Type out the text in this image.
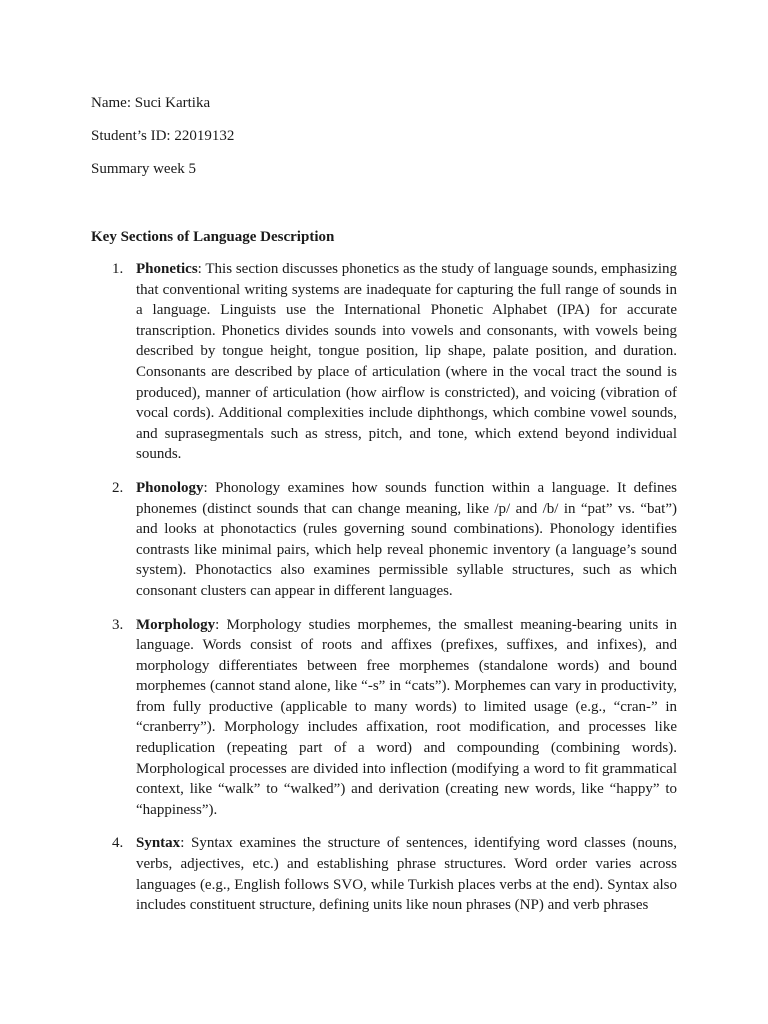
Name: Suci Kartika

Student’s ID: 22019132

Summary week 5

Key Sections of Language Description

1. Phonetics: This section discusses phonetics as the study of language sounds, emphasizing that conventional writing systems are inadequate for capturing the full range of sounds in a language. Linguists use the International Phonetic Alphabet (IPA) for accurate transcription. Phonetics divides sounds into vowels and consonants, with vowels being described by tongue height, tongue position, lip shape, palate position, and duration. Consonants are described by place of articulation (where in the vocal tract the sound is produced), manner of articulation (how airflow is constricted), and voicing (vibration of vocal cords). Additional complexities include diphthongs, which combine vowel sounds, and suprasegmentals such as stress, pitch, and tone, which extend beyond individual sounds.
2. Phonology: Phonology examines how sounds function within a language. It defines phonemes (distinct sounds that can change meaning, like /p/ and /b/ in “pat” vs. “bat”) and looks at phonotactics (rules governing sound combinations). Phonology identifies contrasts like minimal pairs, which help reveal phonemic inventory (a language’s sound system). Phonotactics also examines permissible syllable structures, such as which consonant clusters can appear in different languages.
3. Morphology: Morphology studies morphemes, the smallest meaning-bearing units in language. Words consist of roots and affixes (prefixes, suffixes, and infixes), and morphology differentiates between free morphemes (standalone words) and bound morphemes (cannot stand alone, like “-s” in “cats”). Morphemes can vary in productivity, from fully productive (applicable to many words) to limited usage (e.g., “cran-” in “cranberry”). Morphology includes affixation, root modification, and processes like reduplication (repeating part of a word) and compounding (combining words). Morphological processes are divided into inflection (modifying a word to fit grammatical context, like “walk” to “walked”) and derivation (creating new words, like “happy” to “happiness”).
4. Syntax: Syntax examines the structure of sentences, identifying word classes (nouns, verbs, adjectives, etc.) and establishing phrase structures. Word order varies across languages (e.g., English follows SVO, while Turkish places verbs at the end). Syntax also includes constituent structure, defining units like noun phrases (NP) and verb phrases
